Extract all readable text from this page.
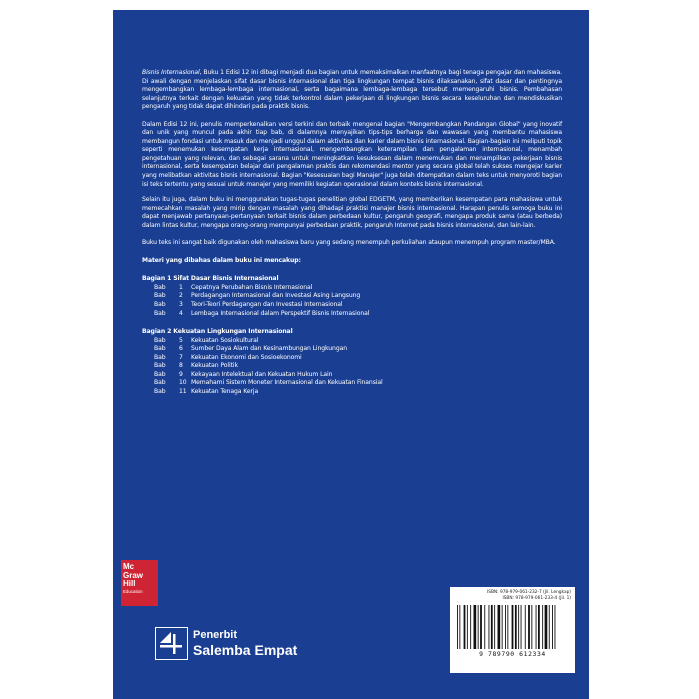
Bisnis Internasional, Buku 1 Edisi 12 ini dibagi menjadi dua bagian untuk memaksimalkan manfaatnya bagi tenaga pengajar dan mahasiswa. Di awali dengan menjelaskan sifat dasar bisnis internasional dan tiga lingkungan tempat bisnis dilaksanakan, sifat dasar dan pentingnya mengembangkan lembaga-lembaga internasional, serta bagaimana lembaga-lembaga tersebut memengaruhi bisnis. Pembahasan selanjutnya terkait dengan kekuatan yang tidak terkontrol dalam pekerjaan di lingkungan bisnis secara keseluruhan dan mendiskusikan pengaruh yang tidak dapat dihindari pada praktik bisnis.

Dalam Edisi 12 ini, penulis memperkenalkan versi terkini dan terbaik mengenai bagian "Mengembangkan Pandangan Global" yang inovatif dan unik yang muncul pada akhir tiap bab, di dalamnya menyajikan tips-tips berharga dan wawasan yang membantu mahasiswa membangun fondasi untuk masuk dan menjadi unggul dalam aktivitas dan karier dalam bisnis internasional. Bagian-bagian ini meliputi topik seperti menemukan kesempatan kerja internasional, mengembangkan keterampilan dan pengalaman internasional, menambah pengetahuan yang relevan, dan sebagai sarana untuk meningkatkan kesuksesan dalam menemukan dan menampilkan pekerjaan bisnis internasional, serta kesempatan belajar dari pengalaman praktis dan rekomendasi mentor yang secara global telah sukses mengejar karier yang melibatkan aktivitas bisnis internasional. Bagian "Kesesuaian bagi Manajer" juga telah ditempatkan dalam teks untuk menyoroti bagian isi teks tertentu yang sesuai untuk manajer yang memiliki kegiatan operasional dalam konteks bisnis internasional.

Selain itu juga, dalam buku ini menggunakan tugas-tugas penelitian global EDGETM, yang memberikan kesempatan para mahasiswa untuk memecahkan masalah yang mirip dengan masalah yang dihadapi praktisi manajer bisnis internasional. Harapan penulis semoga buku ini dapat menjawab pertanyaan-pertanyaan terkait bisnis dalam perbedaan kultur, pengaruh geografi, mengapa produk sama (atau berbeda) dalam lintas kultur, mengapa orang-orang mempunyai perbedaan praktik, pengaruh Internet pada bisnis internasional, dan lain-lain.

Buku teks ini sangat baik digunakan oleh mahasiswa baru yang sedang menempuh perkuliahan ataupun menempuh program master/MBA.

Materi yang dibahas dalam buku ini mencakup:
Bagian 1 Sifat Dasar Bisnis Internasional
Bab	1	Cepatnya Perubahan Bisnis Internasional
Bab	2	Perdagangan Internasional dan Investasi Asing Langsung
Bab	3	Teori-Teori Perdagangan dan Investasi Internasional
Bab	4	Lembaga Internasional dalam Perspektif Bisnis Internasional
Bagian 2 Kekuatan Lingkungan Internasional
Bab	5	Kekuatan Sosiokultural
Bab	6	Sumber Daya Alam dan Kesinambungan Lingkungan
Bab	7	Kekuatan Ekonomi dan Sosioekonomi
Bab	8	Kekuatan Politik
Bab	9	Kekayaan Intelektual dan Kekuatan Hukum Lain
Bab	10 Memahami Sistem Moneter Internasional dan Kekuatan Finansial
Bab	11 Kekuatan Tenaga Kerja
Mc
Graw
Hill
Education
Penerbit
Salemba Empat
ISBN: 978-979-061-232-7 (Jil. Lengkap)
ISBN: 978-979-061-233-4 (Jil. 1)
9 789790 612334
